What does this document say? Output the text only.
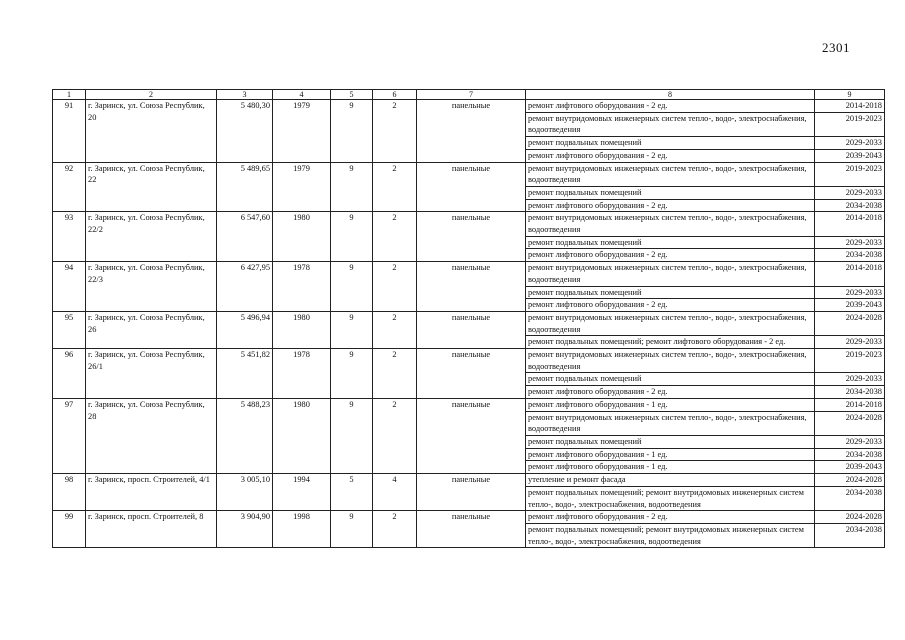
2301
1	2	3	4	5	6	7	8	9
91	г. Заринск, ул. Союза Республик, 20	5 480,30	1979	9	2	панельные	ремонт лифтового оборудования - 2 ед.	2014-2018
							ремонт внутридомовых инженерных систем тепло-, водо-, электроснабжения, водоотведения	2019-2023
							ремонт подвальных помещений	2029-2033
							ремонт лифтового оборудования - 2 ед.	2039-2043
92	г. Заринск, ул. Союза Республик, 22	5 489,65	1979	9	2	панельные	ремонт внутридомовых инженерных систем тепло-, водо-, электроснабжения, водоотведения	2019-2023
							ремонт подвальных помещений	2029-2033
							ремонт лифтового оборудования - 2 ед.	2034-2038
93	г. Заринск, ул. Союза Республик, 22/2	6 547,60	1980	9	2	панельные	ремонт внутридомовых инженерных систем тепло-, водо-, электроснабжения, водоотведения	2014-2018
							ремонт подвальных помещений	2029-2033
							ремонт лифтового оборудования - 2 ед.	2034-2038
94	г. Заринск, ул. Союза Республик, 22/3	6 427,95	1978	9	2	панельные	ремонт внутридомовых инженерных систем тепло-, водо-, электроснабжения, водоотведения	2014-2018
							ремонт подвальных помещений	2029-2033
							ремонт лифтового оборудования - 2 ед.	2039-2043
95	г. Заринск, ул. Союза Республик, 26	5 496,94	1980	9	2	панельные	ремонт внутридомовых инженерных систем тепло-, водо-, электроснабжения, водоотведения	2024-2028
							ремонт подвальных помещений; ремонт лифтового оборудования - 2 ед.	2029-2033
96	г. Заринск, ул. Союза Республик, 26/1	5 451,82	1978	9	2	панельные	ремонт внутридомовых инженерных систем тепло-, водо-, электроснабжения, водоотведения	2019-2023
							ремонт подвальных помещений	2029-2033
							ремонт лифтового оборудования - 2 ед.	2034-2038
97	г. Заринск, ул. Союза Республик, 28	5 488,23	1980	9	2	панельные	ремонт лифтового оборудования - 1 ед.	2014-2018
							ремонт внутридомовых инженерных систем тепло-, водо-, электроснабжения, водоотведения	2024-2028
							ремонт подвальных помещений	2029-2033
							ремонт лифтового оборудования - 1 ед.	2034-2038
							ремонт лифтового оборудования - 1 ед.	2039-2043
98	г. Заринск, просп. Строителей, 4/1	3 005,10	1994	5	4	панельные	утепление и ремонт фасада	2024-2028
							ремонт подвальных помещений; ремонт внутридомовых инженерных систем тепло-, водо-, электроснабжения, водоотведения	2034-2038
99	г. Заринск, просп. Строителей, 8	3 904,90	1998	9	2	панельные	ремонт лифтового оборудования - 2 ед.	2024-2028
							ремонт подвальных помещений; ремонт внутридомовых инженерных систем тепло-, водо-, электроснабжения, водоотведения	2034-2038
